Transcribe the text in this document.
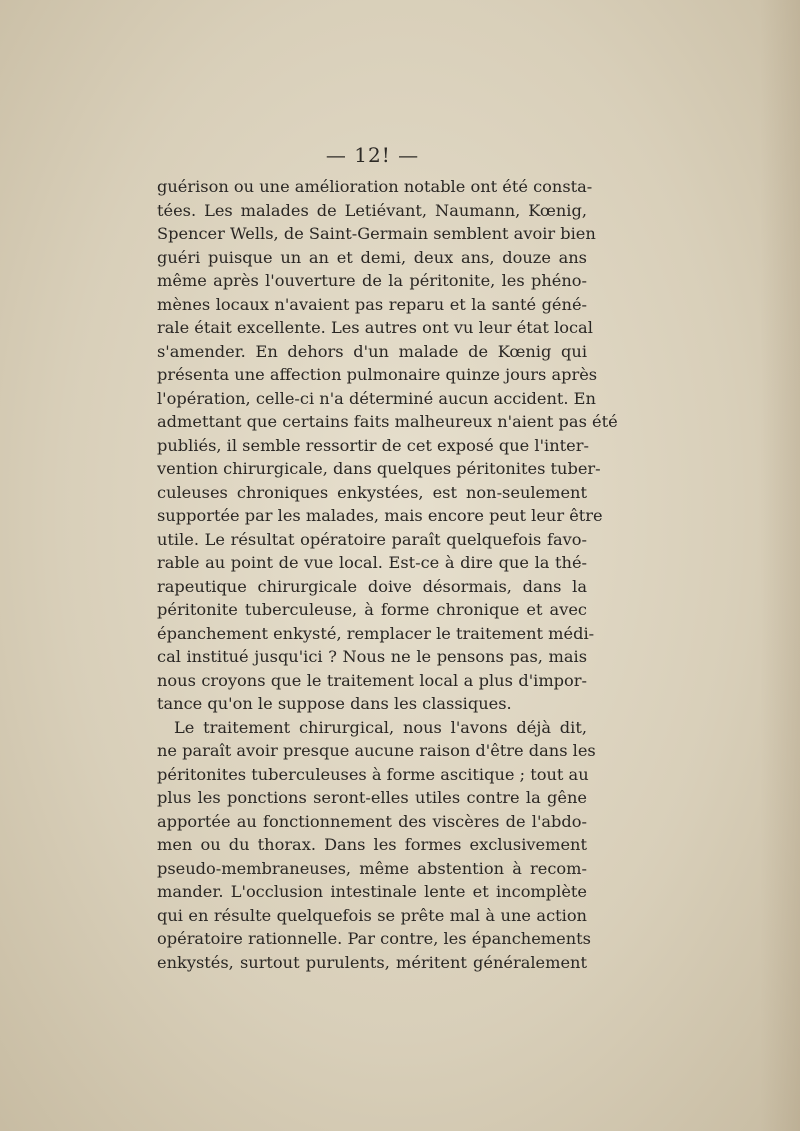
— 12! —

guérison ou une amélioration notable ont été consta-
tées. Les malades de Letiévant, Naumann, Kœnig,
Spencer Wells, de Saint-Germain semblent avoir bien
guéri puisque un an et demi, deux ans, douze ans
même après l'ouverture de la péritonite, les phéno-
mènes locaux n'avaient pas reparu et la santé géné-
rale était excellente. Les autres ont vu leur état local
s'amender. En dehors d'un malade de Kœnig qui
présenta une affection pulmonaire quinze jours après
l'opération, celle-ci n'a déterminé aucun accident. En
admettant que certains faits malheureux n'aient pas été
publiés, il semble ressortir de cet exposé que l'inter-
vention chirurgicale, dans quelques péritonites tuber-
culeuses chroniques enkystées, est non-seulement
supportée par les malades, mais encore peut leur être
utile. Le résultat opératoire paraît quelquefois favo-
rable au point de vue local. Est-ce à dire que la thé-
rapeutique chirurgicale doive désormais, dans la
péritonite tuberculeuse, à forme chronique et avec
épanchement enkysté, remplacer le traitement médi-
cal institué jusqu'ici ? Nous ne le pensons pas, mais
nous croyons que le traitement local a plus d'impor-
tance qu'on le suppose dans les classiques.

Le traitement chirurgical, nous l'avons déjà dit,
ne paraît avoir presque aucune raison d'être dans les
péritonites tuberculeuses à forme ascitique ; tout au
plus les ponctions seront-elles utiles contre la gêne
apportée au fonctionnement des viscères de l'abdo-
men ou du thorax. Dans les formes exclusivement
pseudo-membraneuses, même abstention à recom-
mander. L'occlusion intestinale lente et incomplète
qui en résulte quelquefois se prête mal à une action
opératoire rationnelle. Par contre, les épanchements
enkystés, surtout purulents, méritent généralement
